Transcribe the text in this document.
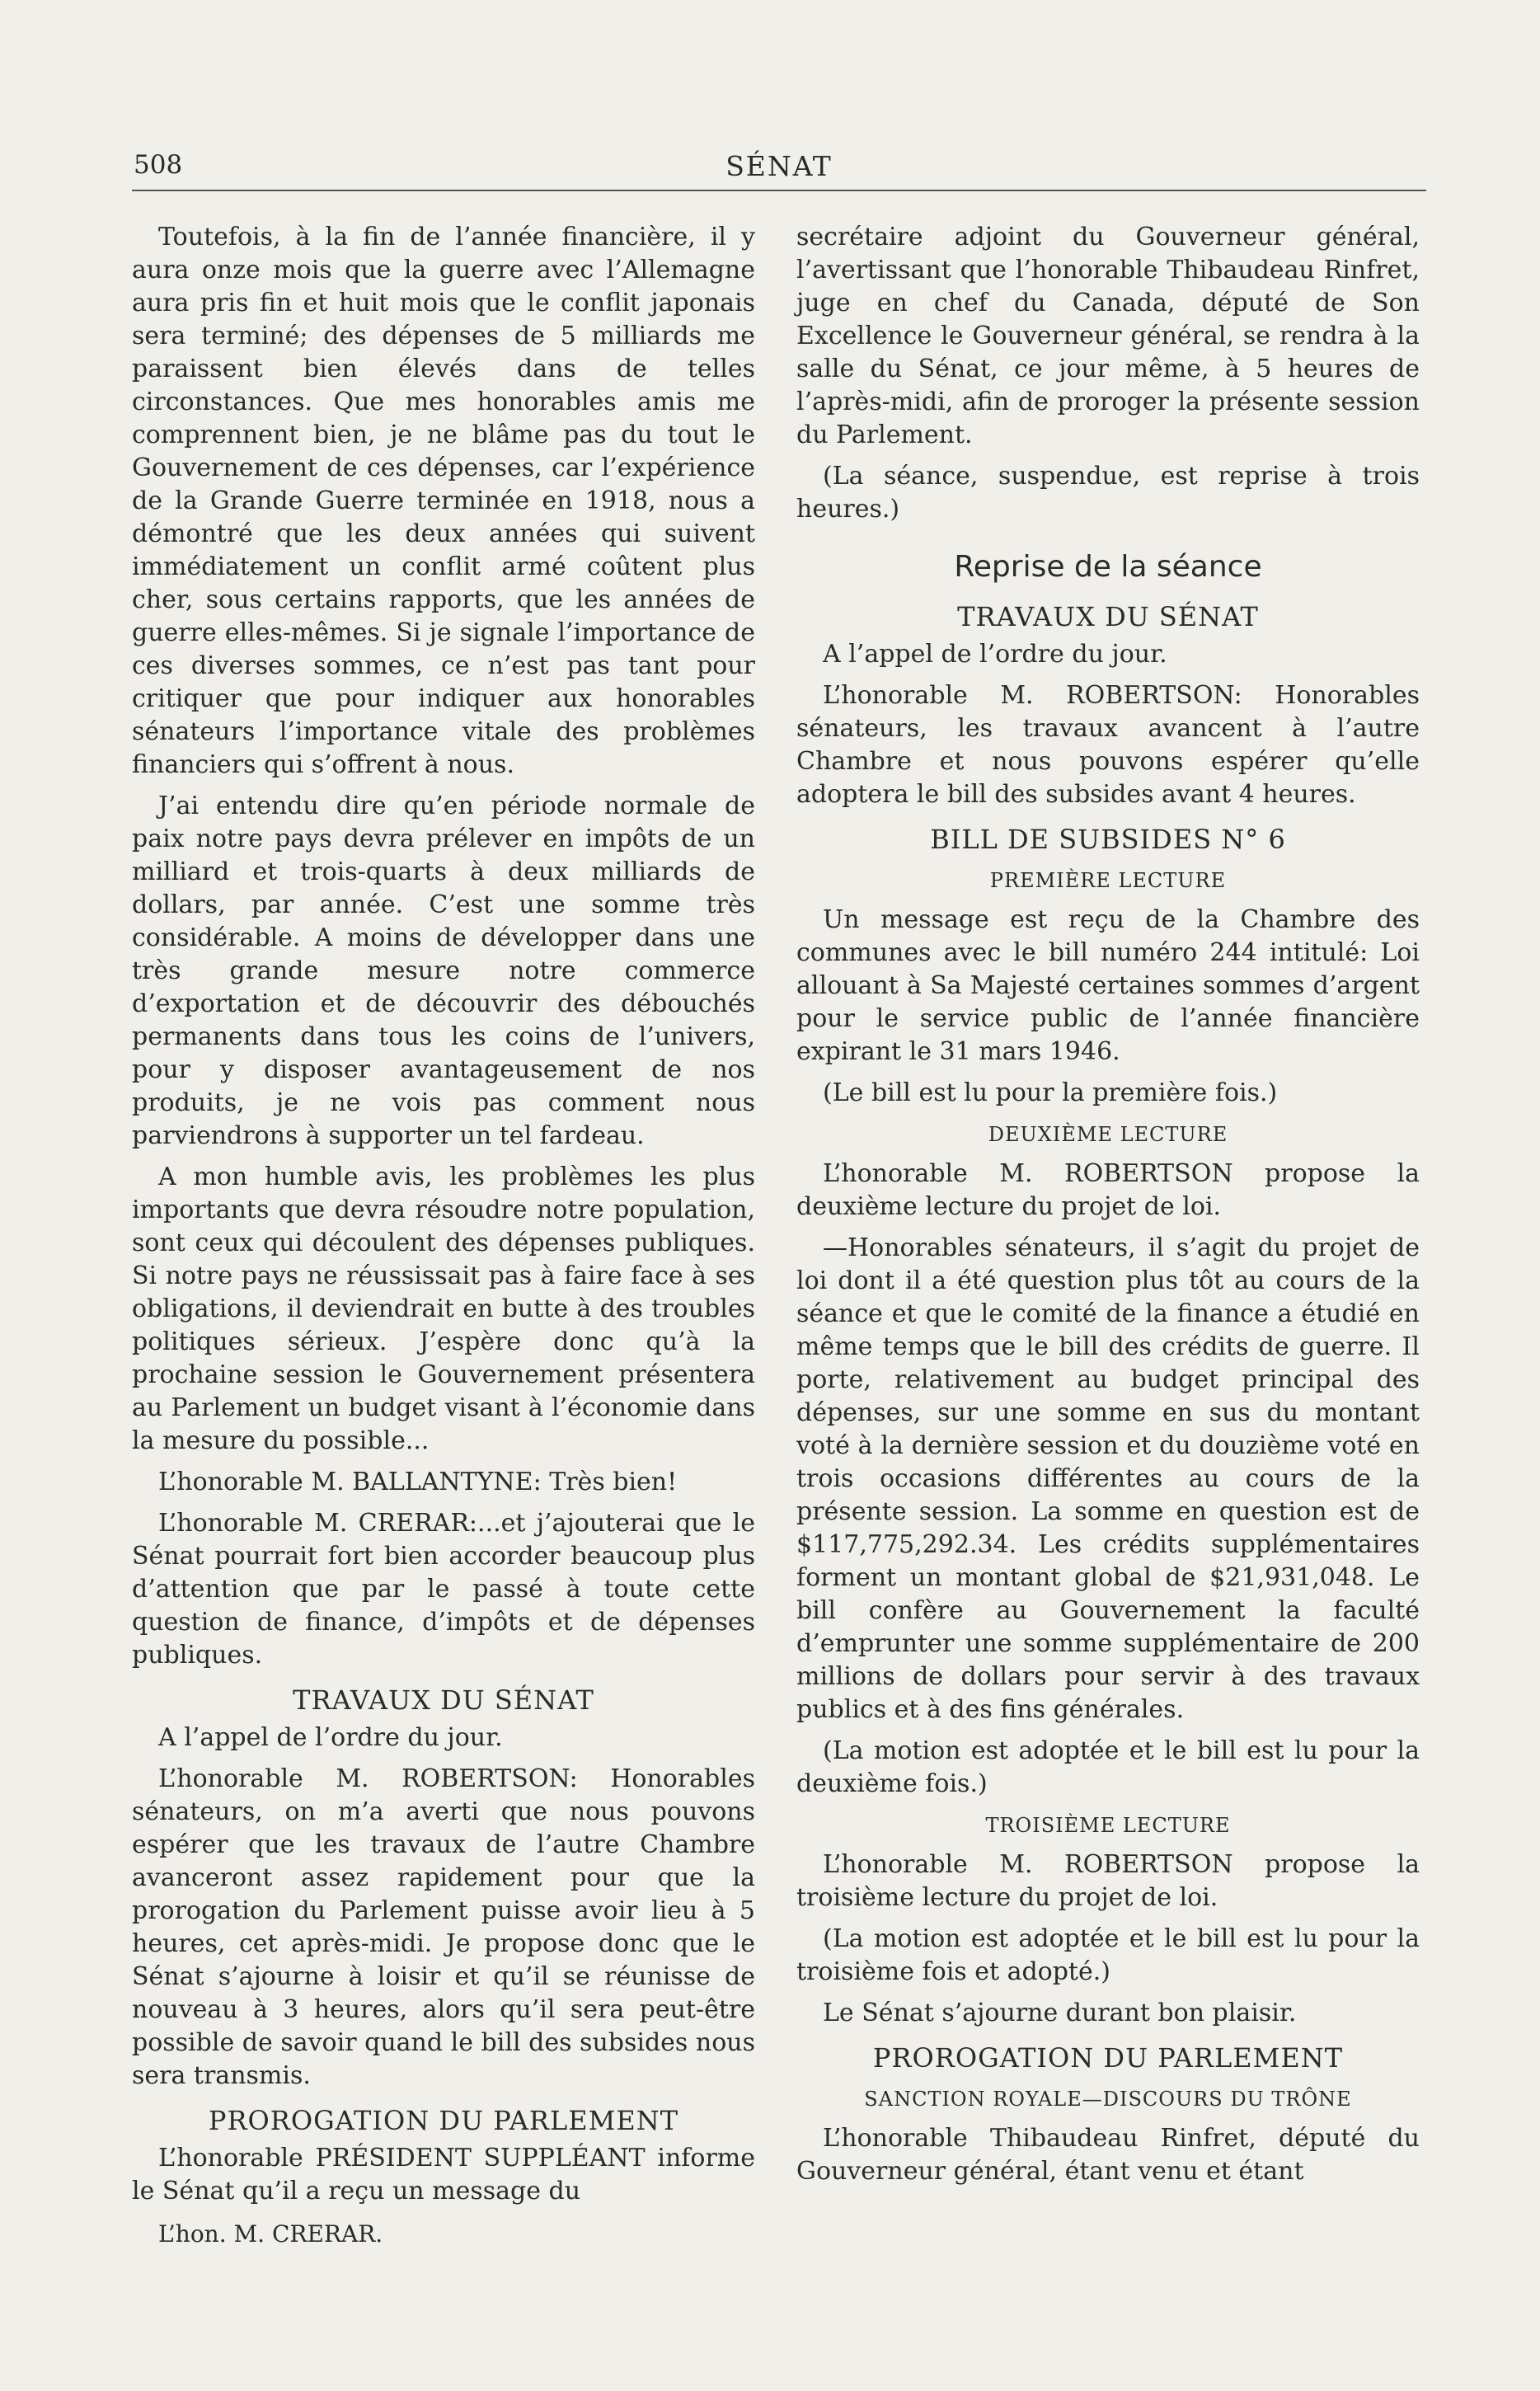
508	SÉNAT

Toutefois, à la fin de l’année financière, il y aura onze mois que la guerre avec l’Allemagne aura pris fin et huit mois que le conflit japonais sera terminé; des dépenses de 5 milliards me paraissent bien élevés dans de telles circonstances. Que mes honorables amis me comprennent bien, je ne blâme pas du tout le Gouvernement de ces dépenses, car l’expérience de la Grande Guerre terminée en 1918, nous a démontré que les deux années qui suivent immédiatement un conflit armé coûtent plus cher, sous certains rapports, que les années de guerre elles-mêmes. Si je signale l’importance de ces diverses sommes, ce n’est pas tant pour critiquer que pour indiquer aux honorables sénateurs l’importance vitale des problèmes financiers qui s’offrent à nous.

J’ai entendu dire qu’en période normale de paix notre pays devra prélever en impôts de un milliard et trois-quarts à deux milliards de dollars, par année. C’est une somme très considérable. A moins de développer dans une très grande mesure notre commerce d’exportation et de découvrir des débouchés permanents dans tous les coins de l’univers, pour y disposer avantageusement de nos produits, je ne vois pas comment nous parviendrons à supporter un tel fardeau.

A mon humble avis, les problèmes les plus importants que devra résoudre notre population, sont ceux qui découlent des dépenses publiques. Si notre pays ne réussissait pas à faire face à ses obligations, il deviendrait en butte à des troubles politiques sérieux. J’espère donc qu’à la prochaine session le Gouvernement présentera au Parlement un budget visant à l’économie dans la mesure du possible...

L’honorable M. BALLANTYNE: Très bien!

L’honorable M. CRERAR:...et j’ajouterai que le Sénat pourrait fort bien accorder beaucoup plus d’attention que par le passé à toute cette question de finance, d’impôts et de dépenses publiques.

TRAVAUX DU SÉNAT

A l’appel de l’ordre du jour.

L’honorable M. ROBERTSON: Honorables sénateurs, on m’a averti que nous pouvons espérer que les travaux de l’autre Chambre avanceront assez rapidement pour que la prorogation du Parlement puisse avoir lieu à 5 heures, cet après-midi. Je propose donc que le Sénat s’ajourne à loisir et qu’il se réunisse de nouveau à 3 heures, alors qu’il sera peut-être possible de savoir quand le bill des subsides nous sera transmis.

PROROGATION DU PARLEMENT

L’honorable PRÉSIDENT SUPPLÉANT informe le Sénat qu’il a reçu un message du

L’hon. M. CRERAR.

secrétaire adjoint du Gouverneur général, l’avertissant que l’honorable Thibaudeau Rinfret, juge en chef du Canada, député de Son Excellence le Gouverneur général, se rendra à la salle du Sénat, ce jour même, à 5 heures de l’après-midi, afin de proroger la présente session du Parlement.

(La séance, suspendue, est reprise à trois heures.)

Reprise de la séance
TRAVAUX DU SÉNAT

A l’appel de l’ordre du jour.

L’honorable M. ROBERTSON: Honorables sénateurs, les travaux avancent à l’autre Chambre et nous pouvons espérer qu’elle adoptera le bill des subsides avant 4 heures.

BILL DE SUBSIDES N° 6
PREMIÈRE LECTURE

Un message est reçu de la Chambre des communes avec le bill numéro 244 intitulé: Loi allouant à Sa Majesté certaines sommes d’argent pour le service public de l’année financière expirant le 31 mars 1946.

(Le bill est lu pour la première fois.)

DEUXIÈME LECTURE

L’honorable M. ROBERTSON propose la deuxième lecture du projet de loi.

—Honorables sénateurs, il s’agit du projet de loi dont il a été question plus tôt au cours de la séance et que le comité de la finance a étudié en même temps que le bill des crédits de guerre. Il porte, relativement au budget principal des dépenses, sur une somme en sus du montant voté à la dernière session et du douzième voté en trois occasions différentes au cours de la présente session. La somme en question est de $117,775,292.34. Les crédits supplémentaires forment un montant global de $21,931,048. Le bill confère au Gouvernement la faculté d’emprunter une somme supplémentaire de 200 millions de dollars pour servir à des travaux publics et à des fins générales.

(La motion est adoptée et le bill est lu pour la deuxième fois.)

TROISIÈME LECTURE

L’honorable M. ROBERTSON propose la troisième lecture du projet de loi.

(La motion est adoptée et le bill est lu pour la troisième fois et adopté.)

Le Sénat s’ajourne durant bon plaisir.

PROROGATION DU PARLEMENT
SANCTION ROYALE—DISCOURS DU TRÔNE

L’honorable Thibaudeau Rinfret, député du Gouverneur général, étant venu et étant
